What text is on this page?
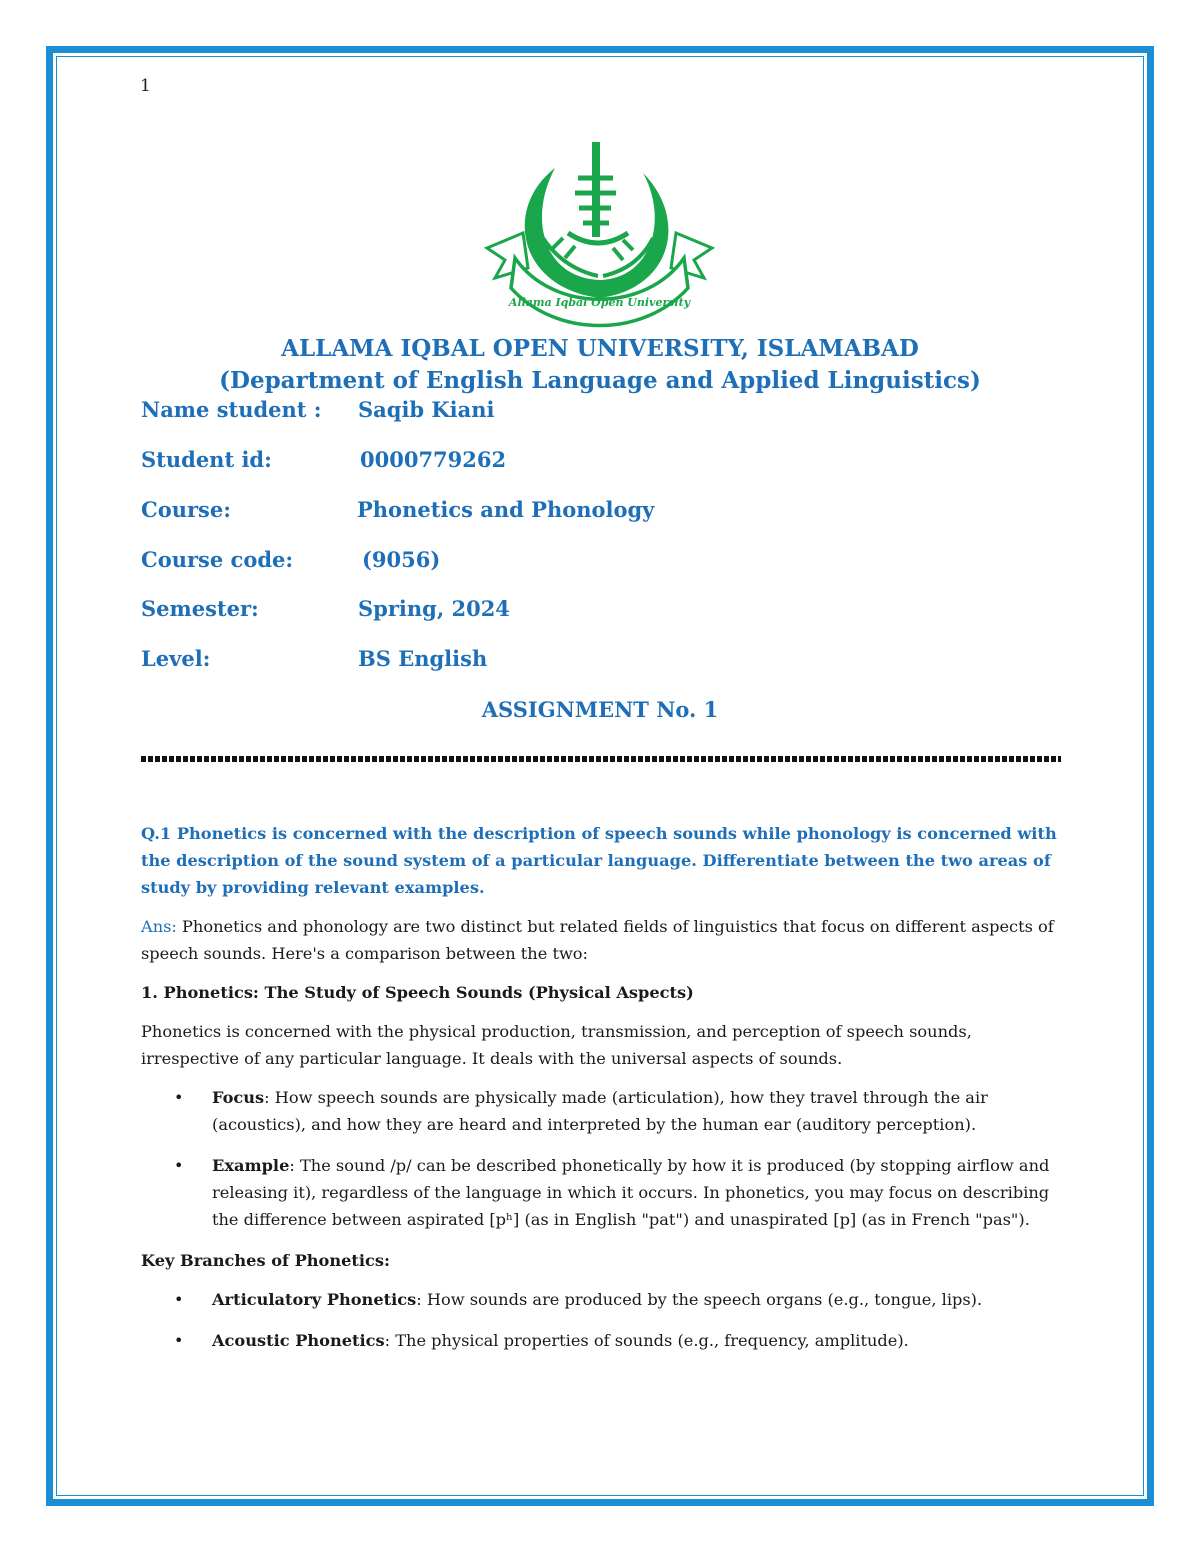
1
Allama Iqbal Open University
ALLAMA IQBAL OPEN UNIVERSITY, ISLAMABAD
(Department of English Language and Applied Linguistics)
Name student : Saqib Kiani
Student id:	0000779262
Course:	Phonetics and Phonology
Course code:	(9056)
Semester:	Spring, 2024
Level:	BS English
ASSIGNMENT No. 1

Q.1 Phonetics is concerned with the description of speech sounds while phonology is concerned with the description of the sound system of a particular language. Differentiate between the two areas of study by providing relevant examples.

Ans: Phonetics and phonology are two distinct but related fields of linguistics that focus on different aspects of speech sounds. Here's a comparison between the two:

1. Phonetics: The Study of Speech Sounds (Physical Aspects)

Phonetics is concerned with the physical production, transmission, and perception of speech sounds, irrespective of any particular language. It deals with the universal aspects of sounds.

• Focus: How speech sounds are physically made (articulation), how they travel through the air (acoustics), and how they are heard and interpreted by the human ear (auditory perception).
• Example: The sound /p/ can be described phonetically by how it is produced (by stopping airflow and releasing it), regardless of the language in which it occurs. In phonetics, you may focus on describing the difference between aspirated [pʰ] (as in English "pat") and unaspirated [p] (as in French "pas").

Key Branches of Phonetics:

• Articulatory Phonetics: How sounds are produced by the speech organs (e.g., tongue, lips).
• Acoustic Phonetics: The physical properties of sounds (e.g., frequency, amplitude).
